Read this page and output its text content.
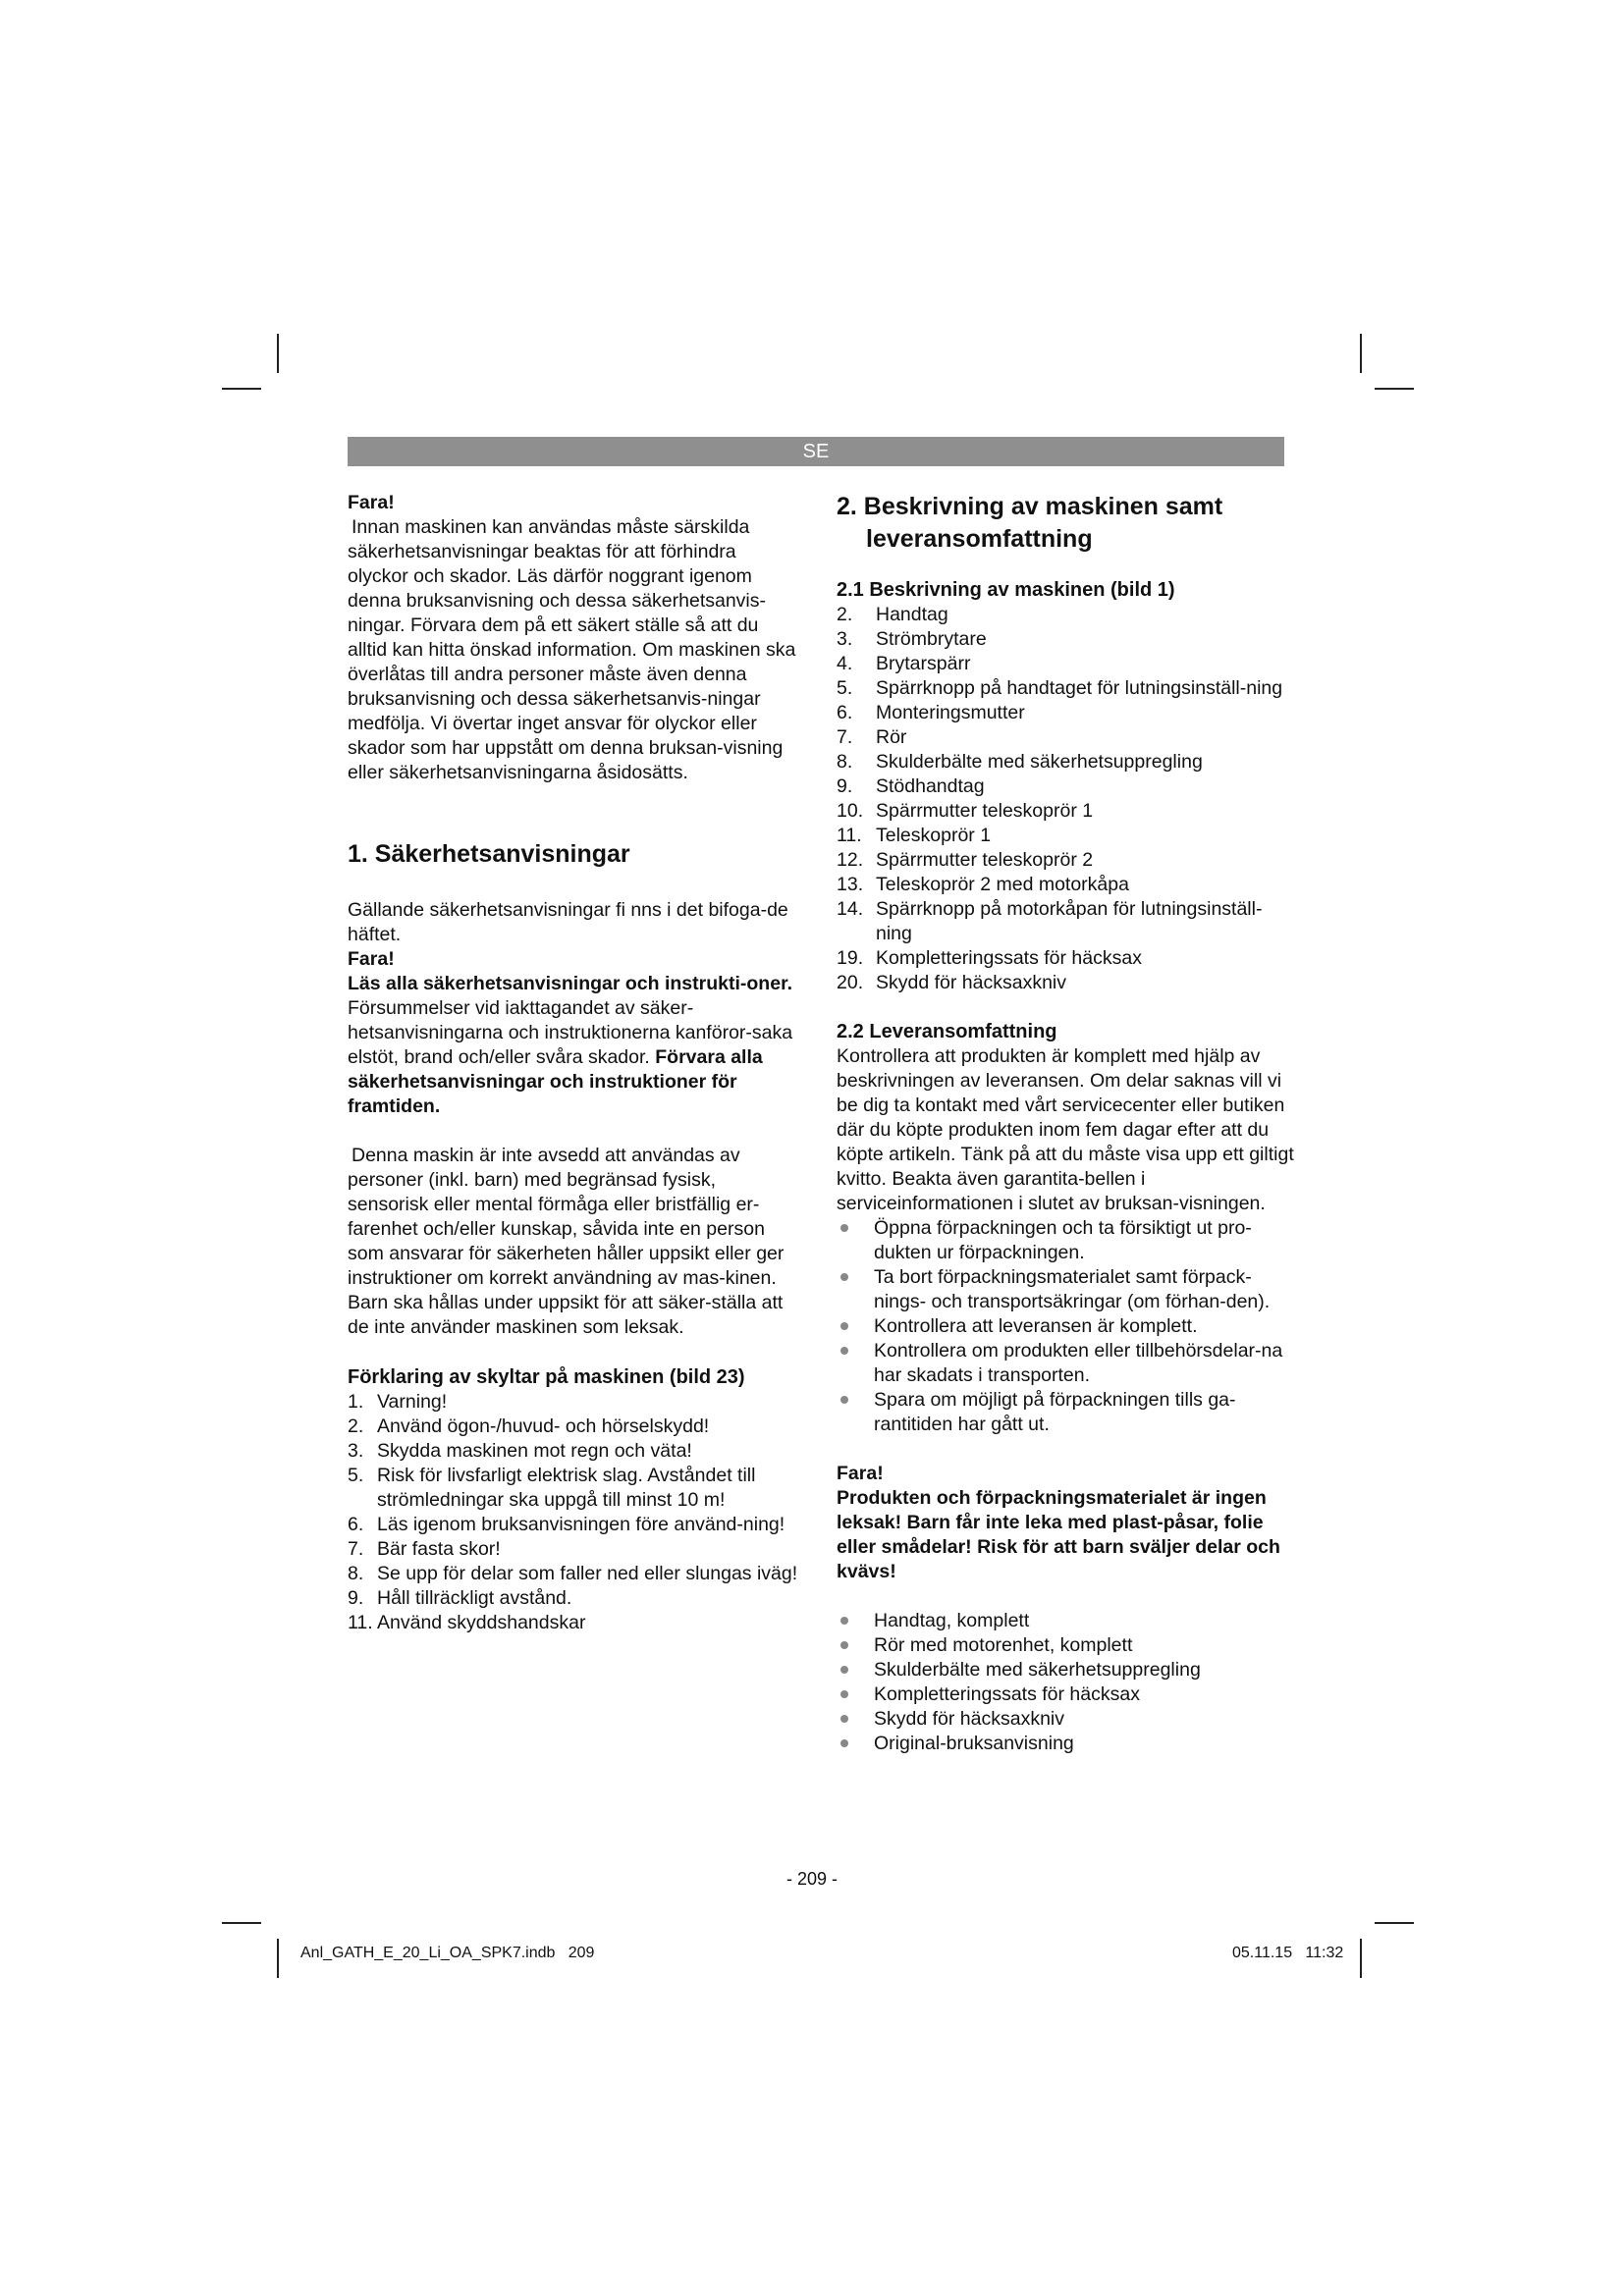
SE

Fara!

Innan maskinen kan användas måste särskilda säkerhetsanvisningar beaktas för att förhindra olyckor och skador. Läs därför noggrant igenom denna bruksanvisning och dessa säkerhetsanvis-ningar. Förvara dem på ett säkert ställe så att du alltid kan hitta önskad information. Om maskinen ska överlåtas till andra personer måste även denna bruksanvisning och dessa säkerhetsanvis-ningar medfölja. Vi övertar inget ansvar för olyckor eller skador som har uppstått om denna bruksan-visning eller säkerhetsanvisningarna åsidosätts.

1. Säkerhetsanvisningar

Gällande säkerhetsanvisningar fi nns i det bifoga-de häftet.

Fara!

Läs alla säkerhetsanvisningar och instrukti-oner. Försummelser vid iakttagandet av säker-hetsanvisningarna och instruktionerna kanföror-saka elstöt, brand och/eller svåra skador. Förvara alla säkerhetsanvisningar och instruktioner för framtiden.

Denna maskin är inte avsedd att användas av personer (inkl. barn) med begränsad fysisk, sensorisk eller mental förmåga eller bristfällig er-farenhet och/eller kunskap, såvida inte en person som ansvarar för säkerheten håller uppsikt eller ger instruktioner om korrekt användning av mas-kinen. Barn ska hållas under uppsikt för att säker-ställa att de inte använder maskinen som leksak.

Förklaring av skyltar på maskinen (bild 23)

1. Varning!
2. Använd ögon-/huvud- och hörselskydd!
3. Skydda maskinen mot regn och väta!
5. Risk för livsfarligt elektrisk slag. Avståndet till strömledningar ska uppgå till minst 10 m!
6. Läs igenom bruksanvisningen före använd-ning!
7. Bär fasta skor!
8. Se upp för delar som faller ned eller slungas iväg!
9. Håll tillräckligt avstånd.
11. Använd skyddshandskar

2. Beskrivning av maskinen samt leveransomfattning

2.1 Beskrivning av maskinen (bild 1)

2. Handtag
3. Strömbrytare
4. Brytarspärr
5. Spärrknopp på handtaget för lutningsinställ-ning
6. Monteringsmutter
7. Rör
8. Skulderbälte med säkerhetsuppregling
9. Stödhandtag
10. Spärrmutter teleskoprör 1
11. Teleskoprör 1
12. Spärrmutter teleskoprör 2
13. Teleskoprör 2 med motorkåpa
14. Spärrknopp på motorkåpan för lutningsinställ-ning
19. Kompletteringssats för häcksax
20. Skydd för häcksaxkniv

2.2 Leveransomfattning

Kontrollera att produkten är komplett med hjälp av beskrivningen av leveransen. Om delar saknas vill vi be dig ta kontakt med vårt servicecenter eller butiken där du köpte produkten inom fem dagar efter att du köpte artikeln. Tänk på att du måste visa upp ett giltigt kvitto. Beakta även garantita-bellen i serviceinformationen i slutet av bruksan-visningen.

Öppna förpackningen och ta försiktigt ut pro-dukten ur förpackningen.
Ta bort förpackningsmaterialet samt förpack-nings- och transportsäkringar (om förhan-den).
Kontrollera att leveransen är komplett.
Kontrollera om produkten eller tillbehörsdelar-na har skadats i transporten.
Spara om möjligt på förpackningen tills ga-rantitiden har gått ut.

Fara!

Produkten och förpackningsmaterialet är ingen leksak! Barn får inte leka med plast-påsar, folie eller smådelar! Risk för att barn sväljer delar och kvävs!

Handtag, komplett
Rör med motorenhet, komplett
Skulderbälte med säkerhetsuppregling
Kompletteringssats för häcksax
Skydd för häcksaxkniv
Original-bruksanvisning
- 209 -
Anl_GATH_E_20_Li_OA_SPK7.indb   209	05.11.15   11:32
